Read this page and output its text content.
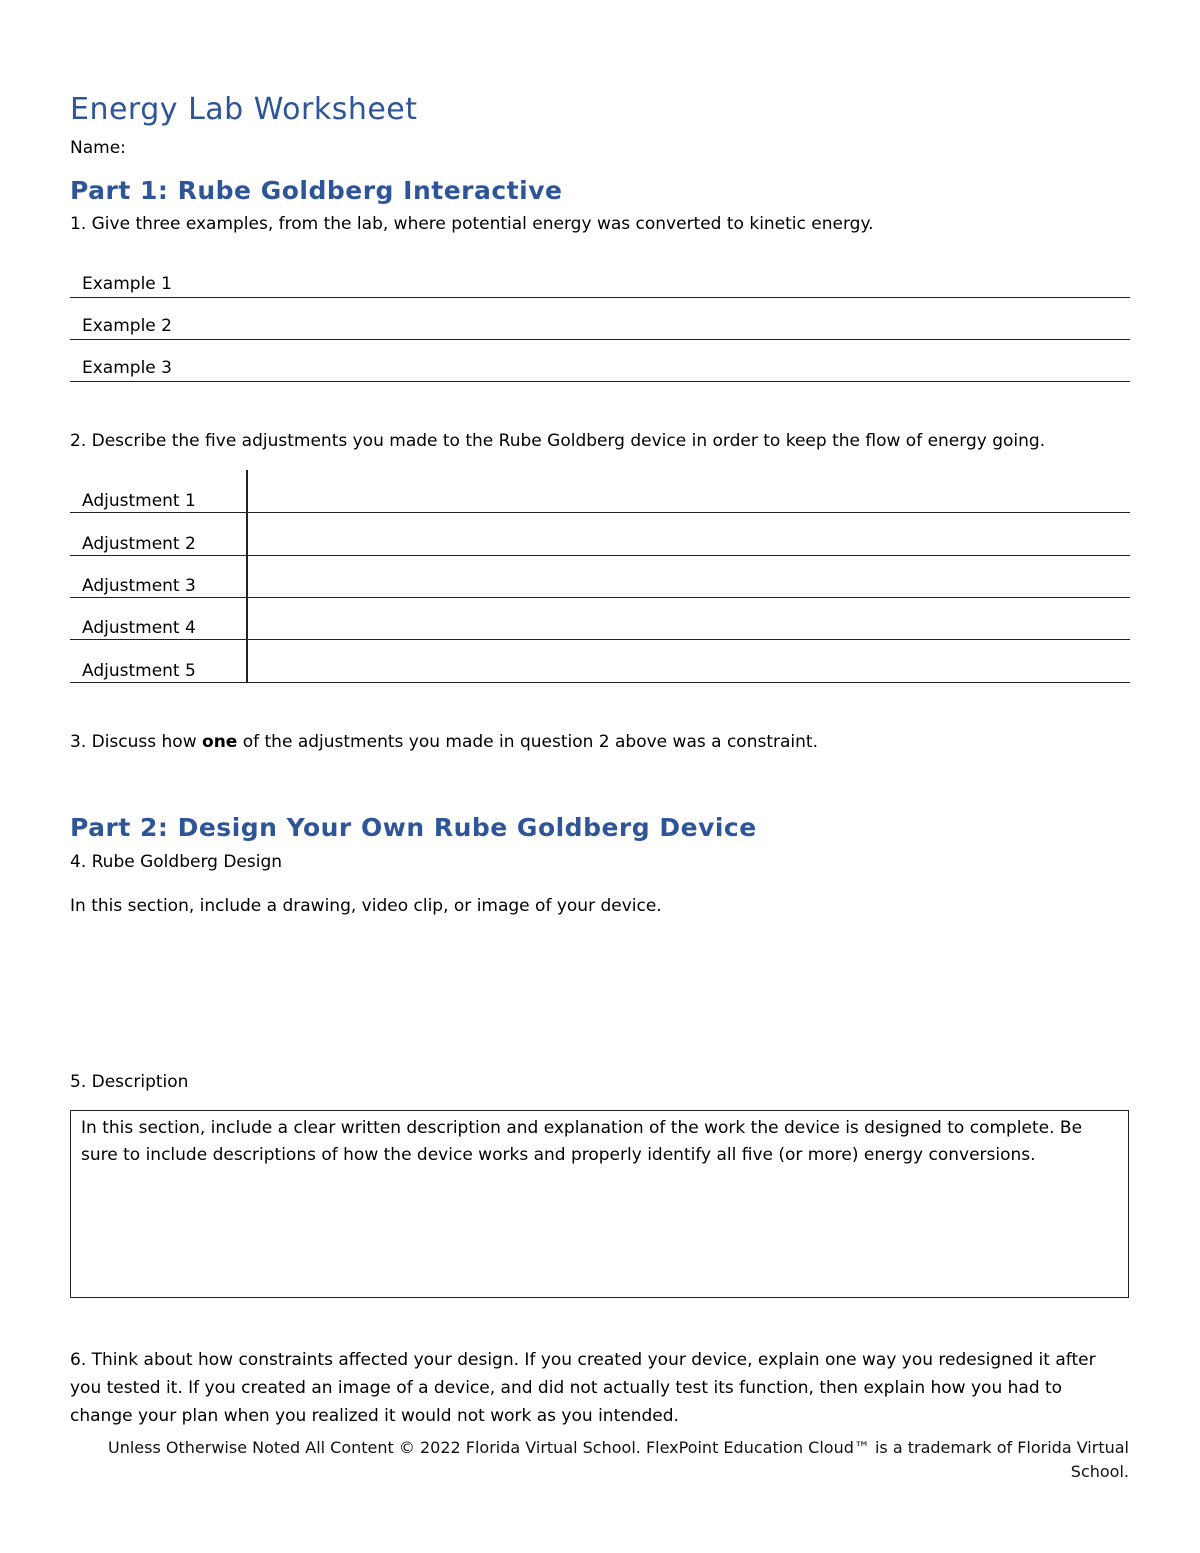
Energy Lab Worksheet
Name:
Part 1: Rube Goldberg Interactive
1. Give three examples, from the lab, where potential energy was converted to kinetic energy.
Example 1
Example 2
Example 3
2. Describe the five adjustments you made to the Rube Goldberg device in order to keep the flow of energy going.
Adjustment 1
Adjustment 2
Adjustment 3
Adjustment 4
Adjustment 5
3. Discuss how one of the adjustments you made in question 2 above was a constraint.
Part 2: Design Your Own Rube Goldberg Device
4. Rube Goldberg Design
In this section, include a drawing, video clip, or image of your device.
5. Description

In this section, include a clear written description and explanation of the work the device is designed to complete. Be sure to include descriptions of how the device works and properly identify all five (or more) energy conversions.

6. Think about how constraints affected your design. If you created your device, explain one way you redesigned it after you tested it. If you created an image of a device, and did not actually test its function, then explain how you had to change your plan when you realized it would not work as you intended.
Unless Otherwise Noted All Content © 2022 Florida Virtual School. FlexPoint Education Cloud™ is a trademark of Florida Virtual School.
